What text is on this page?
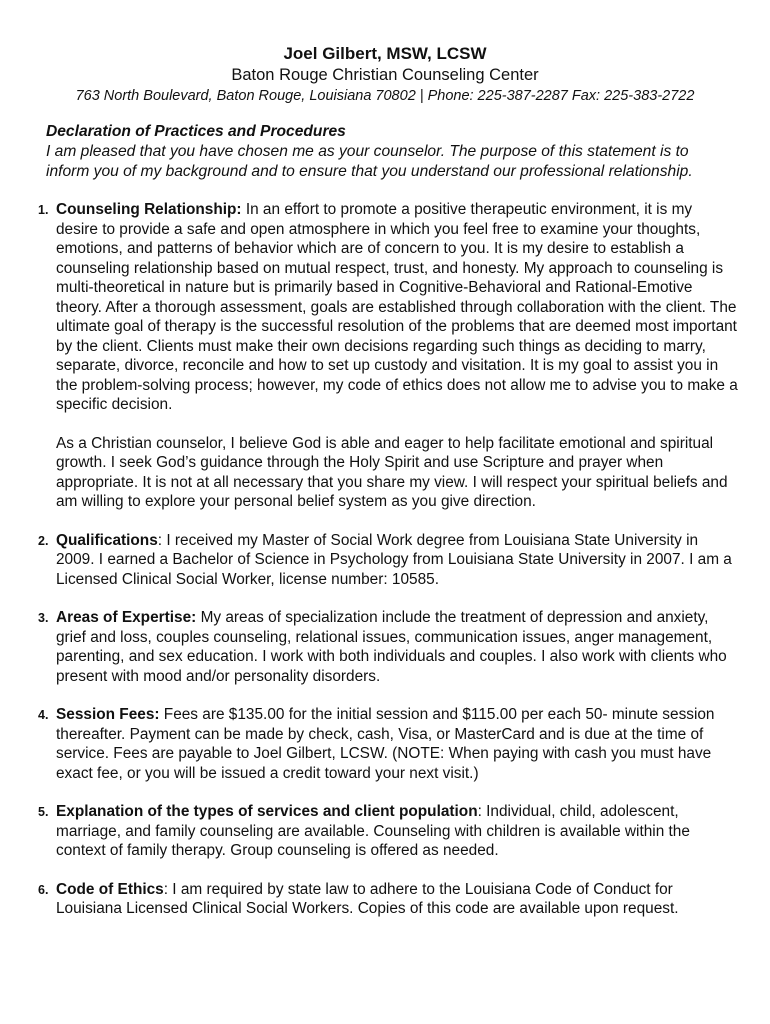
Joel Gilbert, MSW, LCSW
Baton Rouge Christian Counseling Center
763 North Boulevard, Baton Rouge, Louisiana 70802 | Phone: 225-387-2287 Fax: 225-383-2722
Declaration of Practices and Procedures
I am pleased that you have chosen me as your counselor. The purpose of this statement is to inform you of my background and to ensure that you understand our professional relationship.
1. Counseling Relationship: In an effort to promote a positive therapeutic environment, it is my desire to provide a safe and open atmosphere in which you feel free to examine your thoughts, emotions, and patterns of behavior which are of concern to you. It is my desire to establish a counseling relationship based on mutual respect, trust, and honesty. My approach to counseling is multi-theoretical in nature but is primarily based in Cognitive-Behavioral and Rational-Emotive theory. After a thorough assessment, goals are established through collaboration with the client. The ultimate goal of therapy is the successful resolution of the problems that are deemed most important by the client. Clients must make their own decisions regarding such things as deciding to marry, separate, divorce, reconcile and how to set up custody and visitation. It is my goal to assist you in the problem-solving process; however, my code of ethics does not allow me to advise you to make a specific decision.

As a Christian counselor, I believe God is able and eager to help facilitate emotional and spiritual growth. I seek God’s guidance through the Holy Spirit and use Scripture and prayer when appropriate. It is not at all necessary that you share my view. I will respect your spiritual beliefs and am willing to explore your personal belief system as you give direction.

2. Qualifications: I received my Master of Social Work degree from Louisiana State University in 2009. I earned a Bachelor of Science in Psychology from Louisiana State University in 2007. I am a Licensed Clinical Social Worker, license number: 10585.

3. Areas of Expertise: My areas of specialization include the treatment of depression and anxiety, grief and loss, couples counseling, relational issues, communication issues, anger management, parenting, and sex education. I work with both individuals and couples. I also work with clients who present with mood and/or personality disorders.

4. Session Fees: Fees are $135.00 for the initial session and $115.00 per each 50- minute session thereafter. Payment can be made by check, cash, Visa, or MasterCard and is due at the time of service. Fees are payable to Joel Gilbert, LCSW. (NOTE: When paying with cash you must have exact fee, or you will be issued a credit toward your next visit.)

5. Explanation of the types of services and client population: Individual, child, adolescent, marriage, and family counseling are available. Counseling with children is available within the context of family therapy. Group counseling is offered as needed.

6. Code of Ethics: I am required by state law to adhere to the Louisiana Code of Conduct for Louisiana Licensed Clinical Social Workers. Copies of this code are available upon request.
